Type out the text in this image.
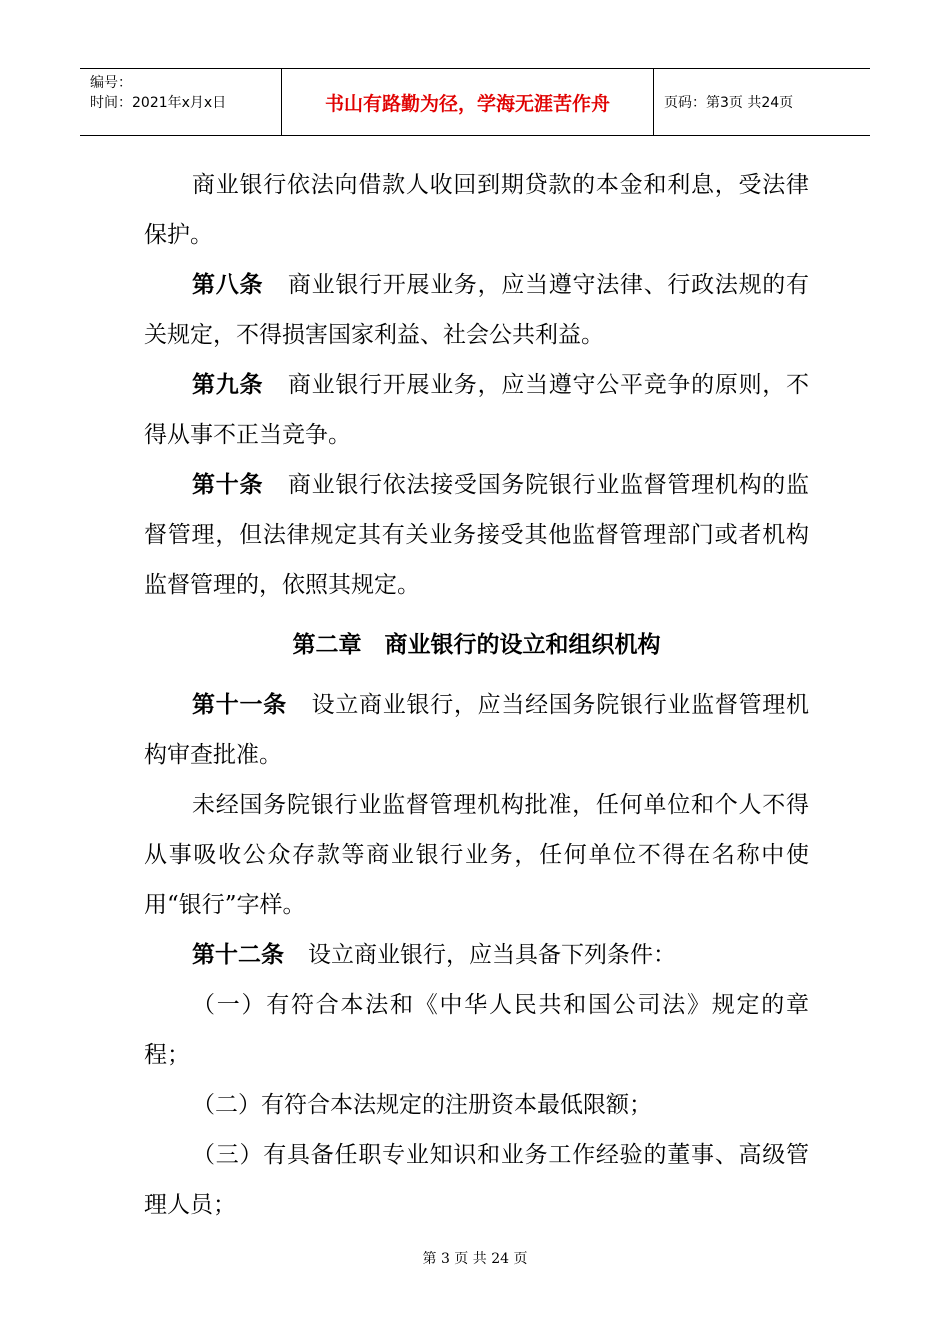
编号：
时间：2021年x月x日	书山有路勤为径，学海无涯苦作舟	页码：第3页 共24页

商业银行依法向借款人收回到期贷款的本金和利息，受法律保护。

第八条 商业银行开展业务，应当遵守法律、行政法规的有关规定，不得损害国家利益、社会公共利益。

第九条 商业银行开展业务，应当遵守公平竞争的原则，不得从事不正当竞争。

第十条 商业银行依法接受国务院银行业监督管理机构的监督管理，但法律规定其有关业务接受其他监督管理部门或者机构监督管理的，依照其规定。

第二章　商业银行的设立和组织机构

第十一条 设立商业银行，应当经国务院银行业监督管理机构审查批准。

未经国务院银行业监督管理机构批准，任何单位和个人不得从事吸收公众存款等商业银行业务，任何单位不得在名称中使用“银行”字样。

第十二条 设立商业银行，应当具备下列条件：

（一）有符合本法和《中华人民共和国公司法》规定的章程；

（二）有符合本法规定的注册资本最低限额；

（三）有具备任职专业知识和业务工作经验的董事、高级管理人员；

第 3 页 共 24 页
